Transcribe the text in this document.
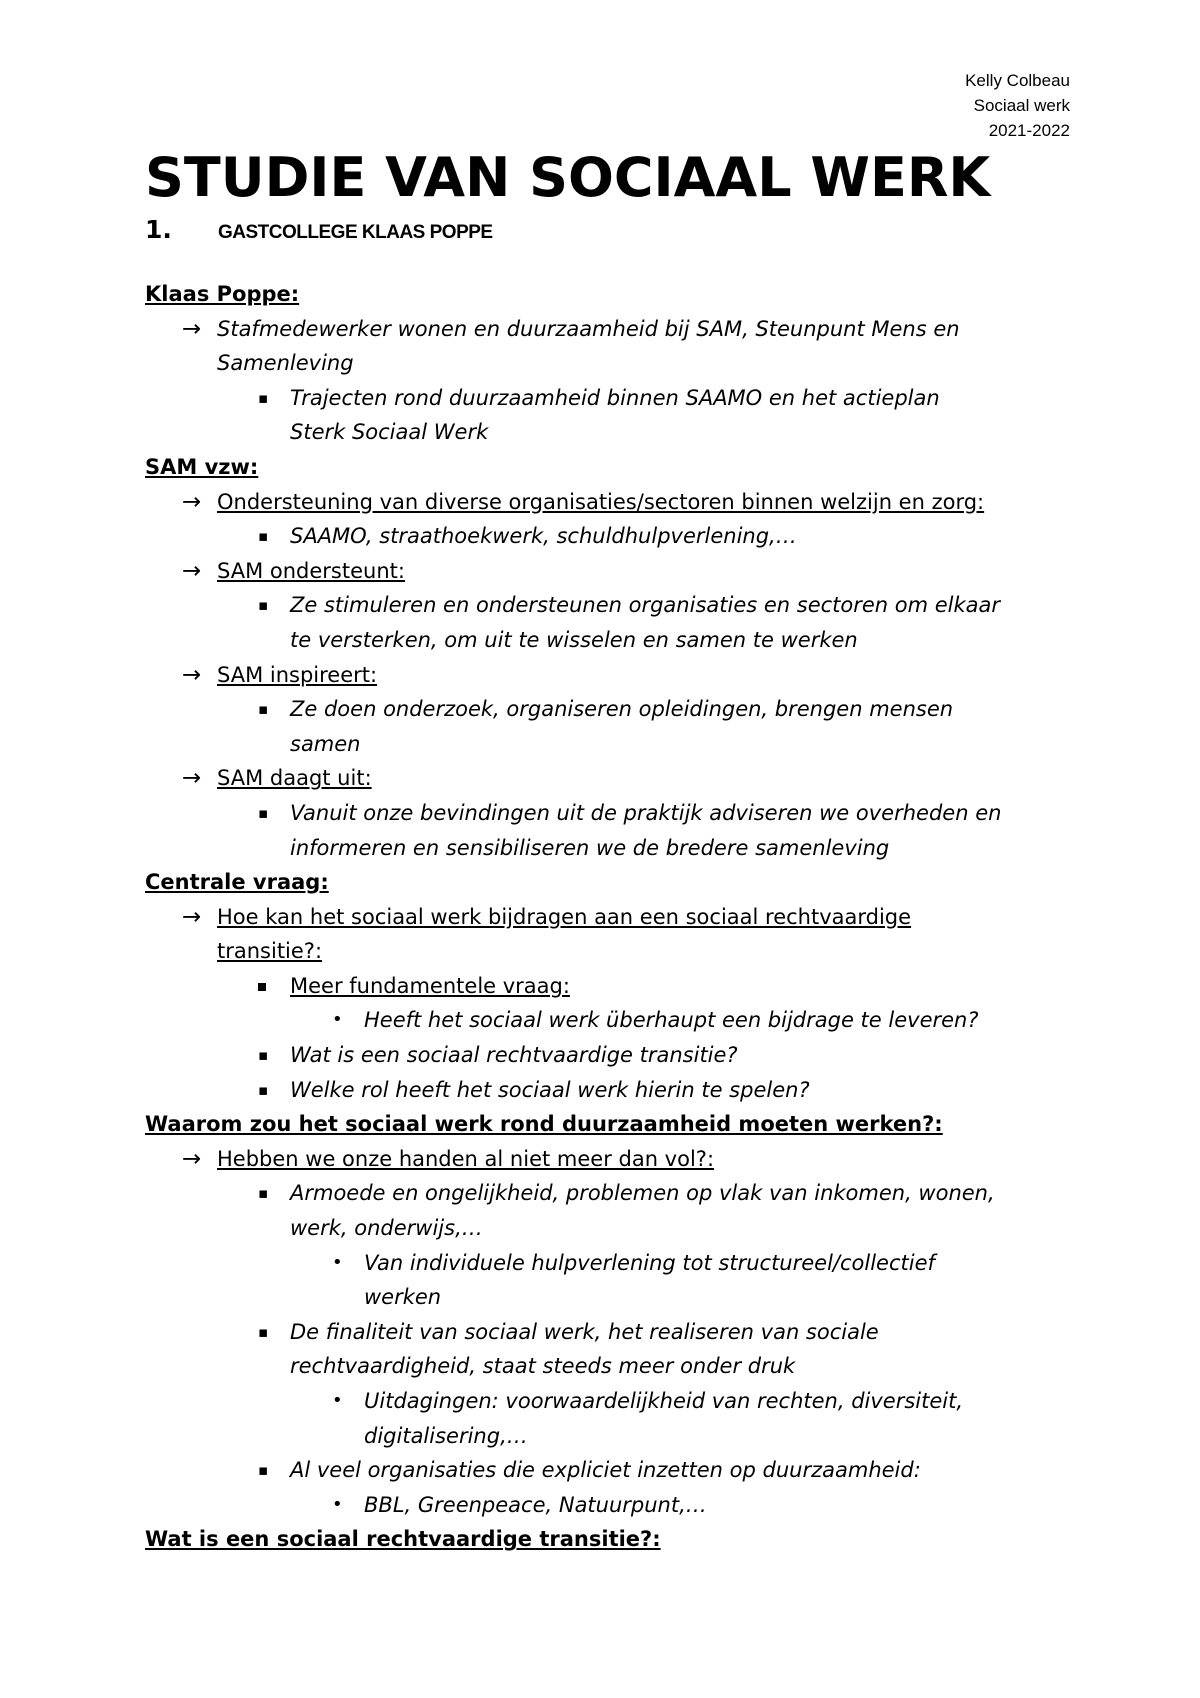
Kelly Colbeau
Sociaal werk
2021-2022
STUDIE VAN SOCIAAL WERK
1.	GASTCOLLEGE KLAAS POPPE
Klaas Poppe:
→ Stafmedewerker wonen en duurzaamheid bij SAM, Steunpunt Mens en
Samenleving
▪ Trajecten rond duurzaamheid binnen SAAMO en het actieplan
Sterk Sociaal Werk
SAM vzw:
→ Ondersteuning van diverse organisaties/sectoren binnen welzijn en zorg:
▪ SAAMO, straathoekwerk, schuldhulpverlening,…
→ SAM ondersteunt:
▪ Ze stimuleren en ondersteunen organisaties en sectoren om elkaar
te versterken, om uit te wisselen en samen te werken
→ SAM inspireert:
▪ Ze doen onderzoek, organiseren opleidingen, brengen mensen
samen
→ SAM daagt uit:
▪ Vanuit onze bevindingen uit de praktijk adviseren we overheden en
informeren en sensibiliseren we de bredere samenleving
Centrale vraag:
→ Hoe kan het sociaal werk bijdragen aan een sociaal rechtvaardige
transitie?:
Meer fundamentele vraag:
• Heeft het sociaal werk überhaupt een bijdrage te leveren?
▪ Wat is een sociaal rechtvaardige transitie?
▪ Welke rol heeft het sociaal werk hierin te spelen?
Waarom zou het sociaal werk rond duurzaamheid moeten werken?:
→ Hebben we onze handen al niet meer dan vol?:
▪ Armoede en ongelijkheid, problemen op vlak van inkomen, wonen,
werk, onderwijs,…
• Van individuele hulpverlening tot structureel/collectief
werken
▪ De finaliteit van sociaal werk, het realiseren van sociale
rechtvaardigheid, staat steeds meer onder druk
• Uitdagingen: voorwaardelijkheid van rechten, diversiteit,
digitalisering,…
▪ Al veel organisaties die expliciet inzetten op duurzaamheid:
• BBL, Greenpeace, Natuurpunt,…
Wat is een sociaal rechtvaardige transitie?:
